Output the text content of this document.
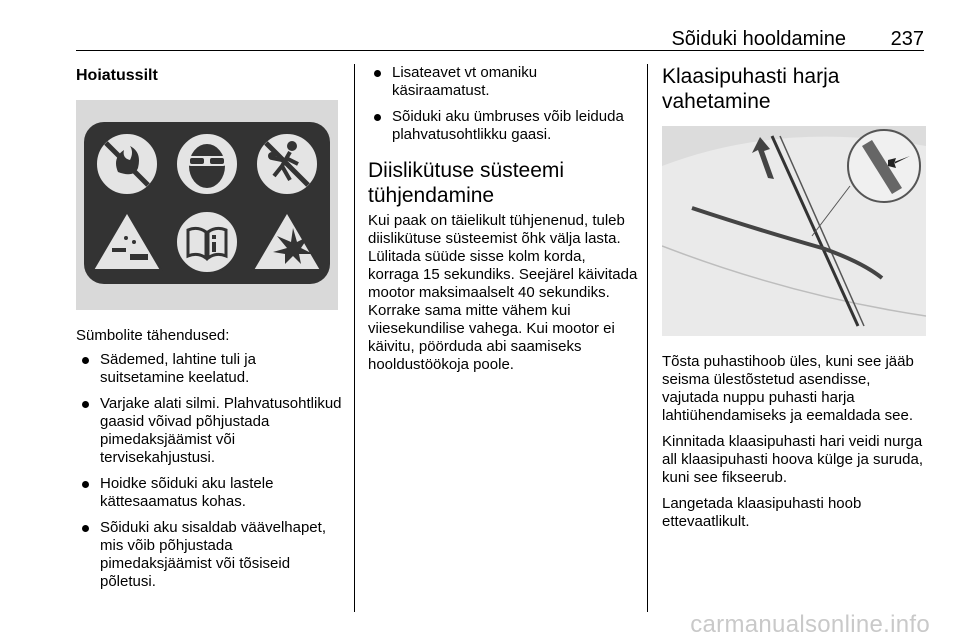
Sõiduki hooldamine 237

Hoiatussilt

Sümbolite tähendused:

Sädemed, lahtine tuli ja suitsetamine keelatud.
Varjake alati silmi. Plahvatusohtlikud gaasid võivad põhjustada pimedaksjäämist või tervisekahjustusi.
Hoidke sõiduki aku lastele kättesaamatus kohas.
Sõiduki aku sisaldab väävelhapet, mis võib põhjustada pimedaksjäämist või tõsiseid põletusi.
Lisateavet vt omaniku käsiraamatust.
Sõiduki aku ümbruses võib leiduda plahvatusohtlikku gaasi.
Diislikütuse süsteemi tühjendamine

Kui paak on täielikult tühjenenud, tuleb diislikütuse süsteemist õhk välja lasta. Lülitada süüde sisse kolm korda, korraga 15 sekundiks. Seejärel käivitada mootor maksimaalselt 40 sekundiks. Korrake sama mitte vähem kui viiesekundilise vahega. Kui mootor ei käivitu, pöörduda abi saamiseks hooldustöökoja poole.

Klaasipuhasti harja vahetamine

Tõsta puhastihoob üles, kuni see jääb seisma ülestõstetud asendisse, vajutada nuppu puhasti harja lahtiühendamiseks ja eemaldada see.

Kinnitada klaasipuhasti hari veidi nurga all klaasipuhasti hoova külge ja suruda, kuni see fikseerub.

Langetada klaasipuhasti hoob ettevaatlikult.

carmanualsonline.info
